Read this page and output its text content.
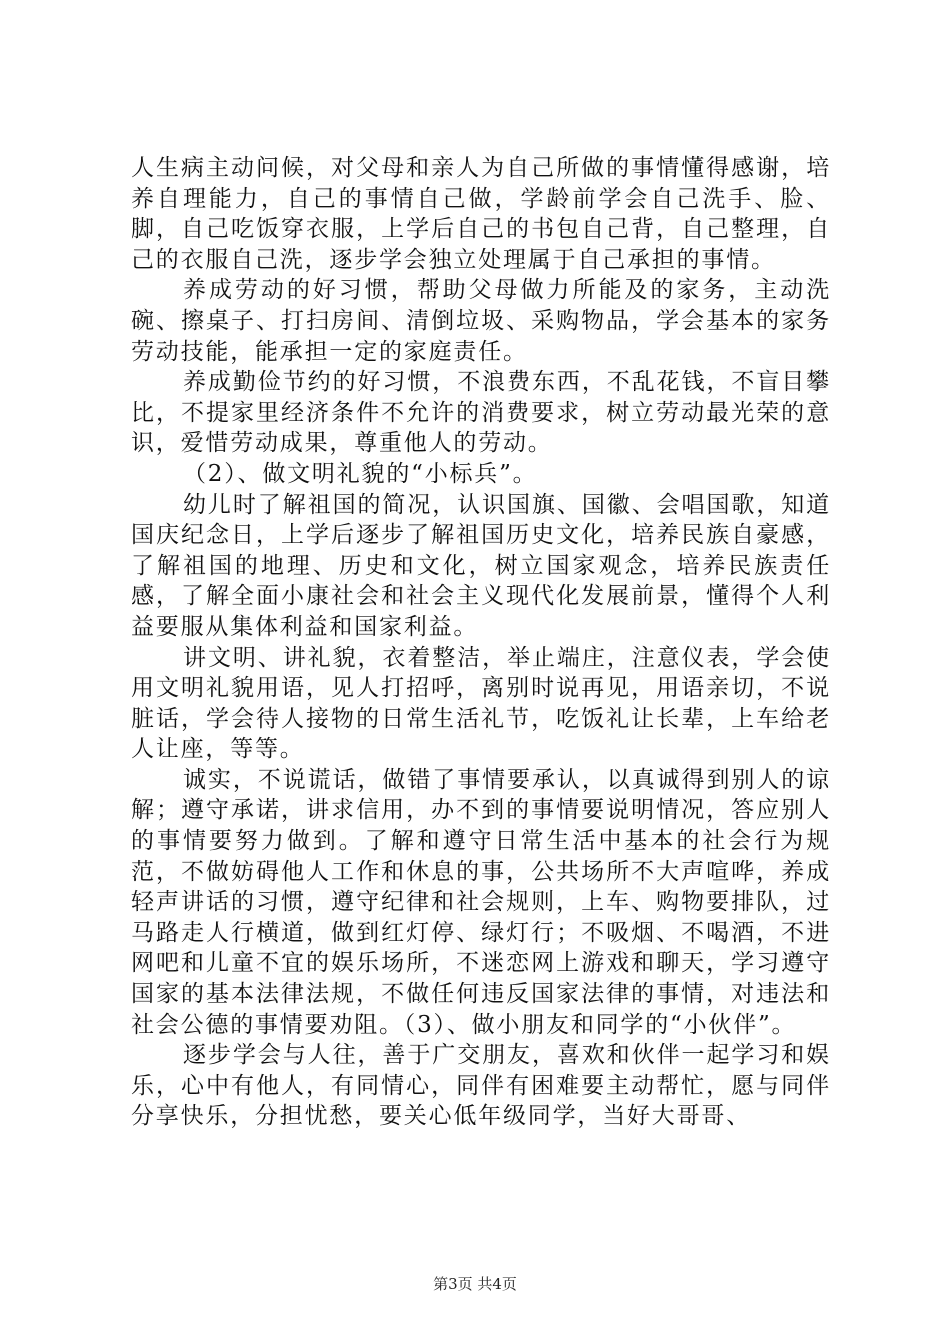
人生病主动问候，对父母和亲人为自己所做的事情懂得感谢，培养自理能力，自己的事情自己做，学龄前学会自己洗手、脸、脚，自己吃饭穿衣服，上学后自己的书包自己背，自己整理，自己的衣服自己洗，逐步学会独立处理属于自己承担的事情。

养成劳动的好习惯，帮助父母做力所能及的家务，主动洗碗、擦桌子、打扫房间、清倒垃圾、采购物品，学会基本的家务劳动技能，能承担一定的家庭责任。

养成勤俭节约的好习惯，不浪费东西，不乱花钱，不盲目攀比，不提家里经济条件不允许的消费要求，树立劳动最光荣的意识，爱惜劳动成果，尊重他人的劳动。

（2）、做文明礼貌的“小标兵”。

幼儿时了解祖国的简况，认识国旗、国徽、会唱国歌，知道国庆纪念日，上学后逐步了解祖国历史文化，培养民族自豪感，了解祖国的地理、历史和文化，树立国家观念，培养民族责任感，了解全面小康社会和社会主义现代化发展前景，懂得个人利益要服从集体利益和国家利益。

讲文明、讲礼貌，衣着整洁，举止端庄，注意仪表，学会使用文明礼貌用语，见人打招呼，离别时说再见，用语亲切，不说脏话，学会待人接物的日常生活礼节，吃饭礼让长辈，上车给老人让座，等等。

诚实，不说谎话，做错了事情要承认，以真诚得到别人的谅解；遵守承诺，讲求信用，办不到的事情要说明情况，答应别人的事情要努力做到。了解和遵守日常生活中基本的社会行为规范，不做妨碍他人工作和休息的事，公共场所不大声喧哗，养成轻声讲话的习惯，遵守纪律和社会规则，上车、购物要排队，过马路走人行横道，做到红灯停、绿灯行；不吸烟、不喝酒，不进网吧和儿童不宜的娱乐场所，不迷恋网上游戏和聊天，学习遵守国家的基本法律法规，不做任何违反国家法律的事情，对违法和社会公德的事情要劝阻。（3）、做小朋友和同学的“小伙伴”。

逐步学会与人往，善于广交朋友，喜欢和伙伴一起学习和娱乐，心中有他人，有同情心，同伴有困难要主动帮忙，愿与同伴分享快乐，分担忧愁，要关心低年级同学，当好大哥哥、

第3页 共4页
